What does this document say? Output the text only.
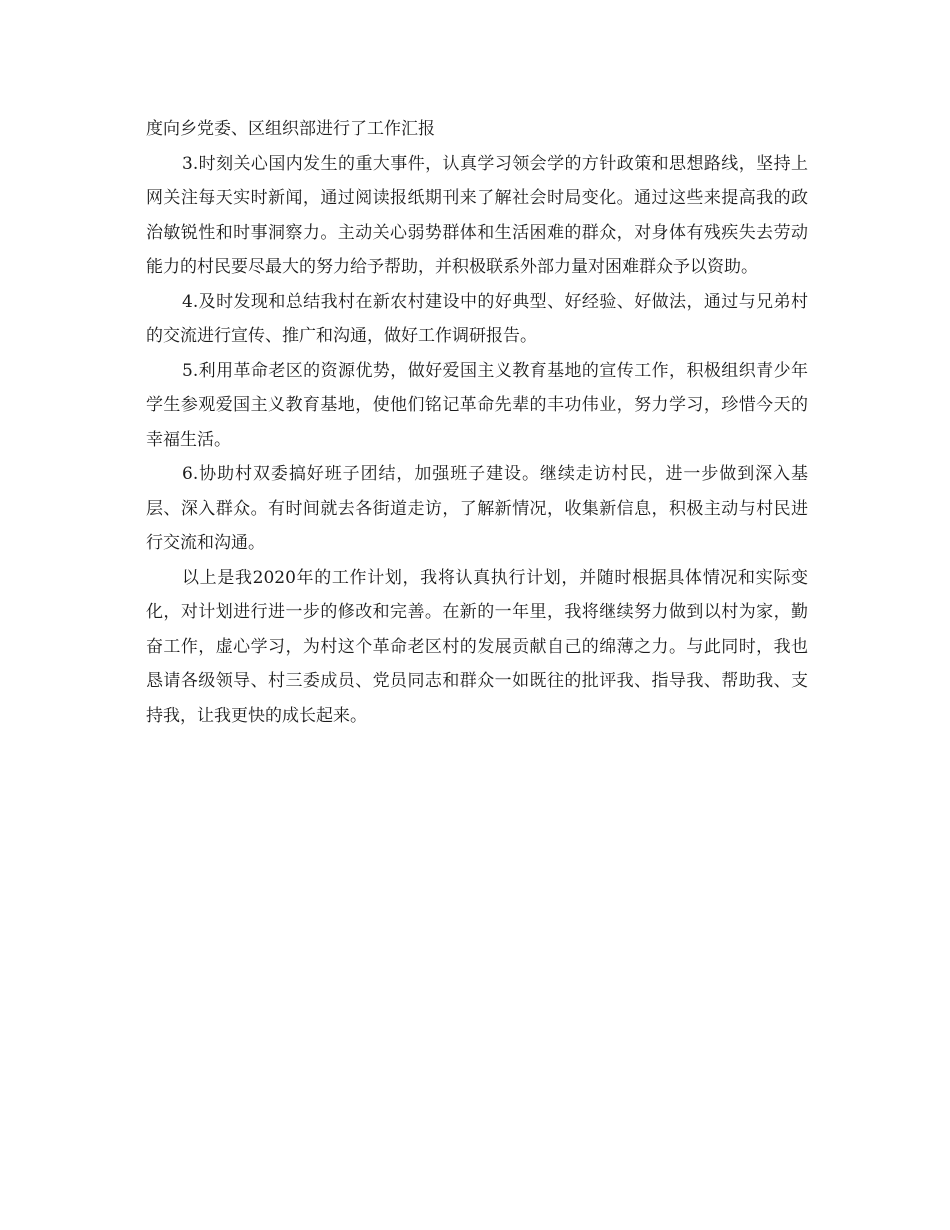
度向乡党委、区组织部进行了工作汇报

3.时刻关心国内发生的重大事件，认真学习领会学的方针政策和思想路线，坚持上网关注每天实时新闻，通过阅读报纸期刊来了解社会时局变化。通过这些来提高我的政治敏锐性和时事洞察力。主动关心弱势群体和生活困难的群众，对身体有残疾失去劳动能力的村民要尽最大的努力给予帮助，并积极联系外部力量对困难群众予以资助。

4.及时发现和总结我村在新农村建设中的好典型、好经验、好做法，通过与兄弟村的交流进行宣传、推广和沟通，做好工作调研报告。

5.利用革命老区的资源优势，做好爱国主义教育基地的宣传工作，积极组织青少年学生参观爱国主义教育基地，使他们铭记革命先辈的丰功伟业，努力学习，珍惜今天的幸福生活。

6.协助村双委搞好班子团结，加强班子建设。继续走访村民，进一步做到深入基层、深入群众。有时间就去各街道走访，了解新情况，收集新信息，积极主动与村民进行交流和沟通。

以上是我2020年的工作计划，我将认真执行计划，并随时根据具体情况和实际变化，对计划进行进一步的修改和完善。在新的一年里，我将继续努力做到以村为家，勤奋工作，虚心学习，为村这个革命老区村的发展贡献自己的绵薄之力。与此同时，我也恳请各级领导、村三委成员、党员同志和群众一如既往的批评我、指导我、帮助我、支持我，让我更快的成长起来。
